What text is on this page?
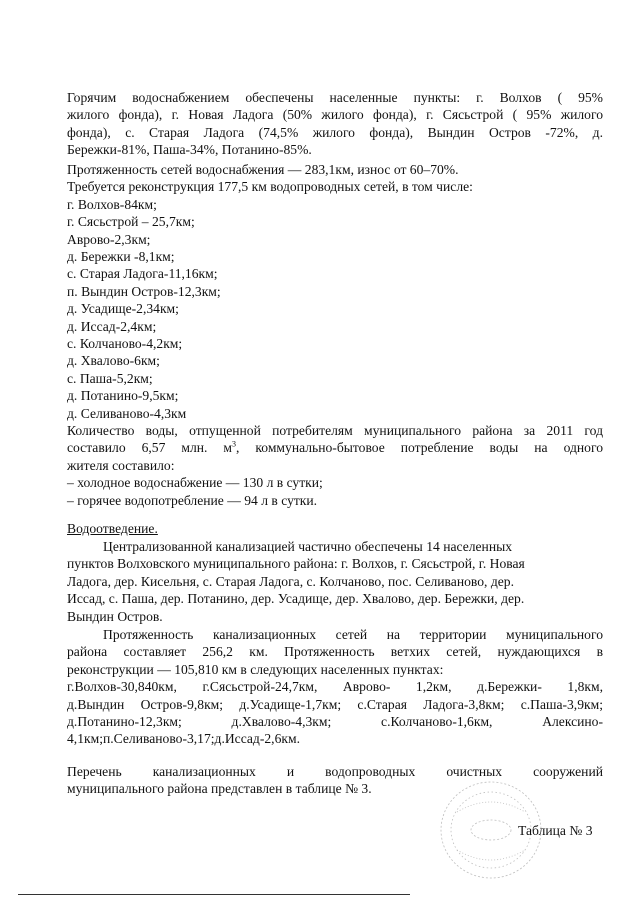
Горячим водоснабжением обеспечены населенные пункты: г. Волхов ( 95%
жилого фонда), г. Новая Ладога (50% жилого фонда), г. Сясьстрой ( 95% жилого
фонда), с. Старая Ладога (74,5% жилого фонда), Вындин Остров -72%, д.
Бережки-81%, Паша-34%, Потанино-85%.
Протяженность сетей водоснабжения — 283,1км, износ от 60–70%.
Требуется реконструкция 177,5 км водопроводных сетей, в том числе:
г. Волхов-84км;
г. Сясьстрой – 25,7км;
Аврово-2,3км;
д. Бережки -8,1км;
с. Старая Ладога-11,16км;
п. Вындин Остров-12,3км;
д. Усадище-2,34км;
д. Иссад-2,4км;
с. Колчаново-4,2км;
д. Хвалово-6км;
с. Паша-5,2км;
д. Потанино-9,5км;
д. Селиваново-4,3км
Количество воды, отпущенной потребителям муниципального района за 2011 год
составило 6,57 млн. $м^3$, коммунально-бытовое потребление воды на одного
жителя составило:
– холодное водоснабжение — 130 л в сутки;
– горячее водопотребление — 94 л в сутки.
Водоотведение.
Централизованной канализацией частично обеспечены 14 населенных
пунктов Волховского муниципального района: г. Волхов, г. Сясьстрой, г. Новая
Ладога, дер. Кисельня, с. Старая Ладога, с. Колчаново, пос. Селиваново, дер.
Иссад, с. Паша, дер. Потанино, дер. Усадище, дер. Хвалово, дер. Бережки, дер.
Вындин Остров.
Протяженность канализационных сетей на территории муниципального
района составляет 256,2 км. Протяженность ветхих сетей, нуждающихся в
реконструкции — 105,810 км в следующих населенных пунктах:
г.Волхов-30,840км, г.Сясьстрой-24,7км, Аврово- 1,2км, д.Бережки- 1,8км,
д.Вындин Остров-9,8км; д.Усадище-1,7км; с.Старая Ладога-3,8км; с.Паша-3,9км;
д.Потанино-12,3км; д.Хвалово-4,3км; с.Колчаново-1,6км, Алексино-
4,1км;п.Селиваново-3,17;д.Иссад-2,6км.
Перечень канализационных и водопроводных очистных сооружений
муниципального района представлен в таблице № 3.
Таблица № 3
